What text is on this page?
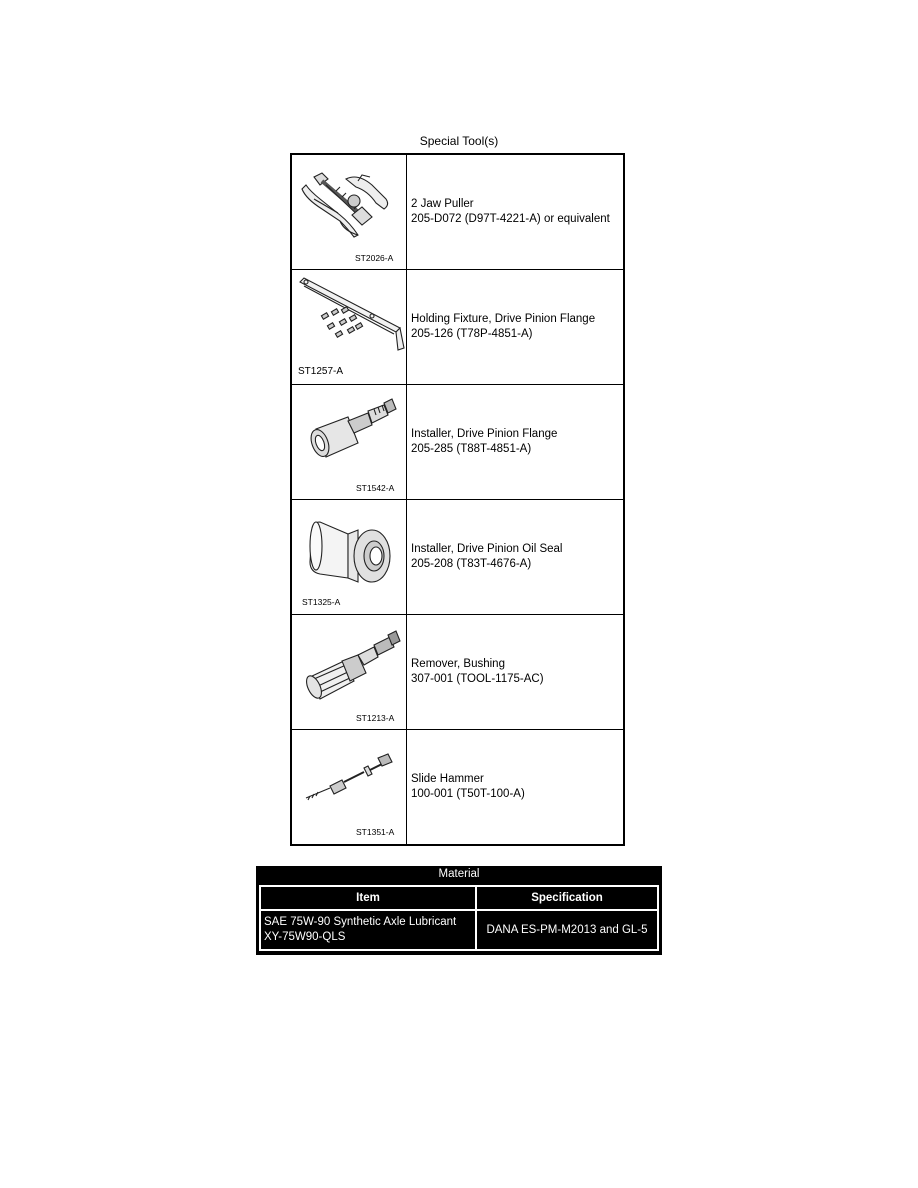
Special Tool(s)
ST2026-A
2 Jaw Puller
205-D072 (D97T-4221-A) or equivalent
ST1257-A
Holding Fixture, Drive Pinion Flange
205-126 (T78P-4851-A)
ST1542-A
Installer, Drive Pinion Flange
205-285 (T88T-4851-A)
ST1325-A
Installer, Drive Pinion Oil Seal
205-208 (T83T-4676-A)
ST1213-A
Remover, Bushing
307-001 (TOOL-1175-AC)
ST1351-A
Slide Hammer
100-001 (T50T-100-A)
Material
Item	Specification

SAE 75W-90 Synthetic Axle Lubricant
XY-75W90-QLS	DANA ES-PM-M2013 and GL-5
